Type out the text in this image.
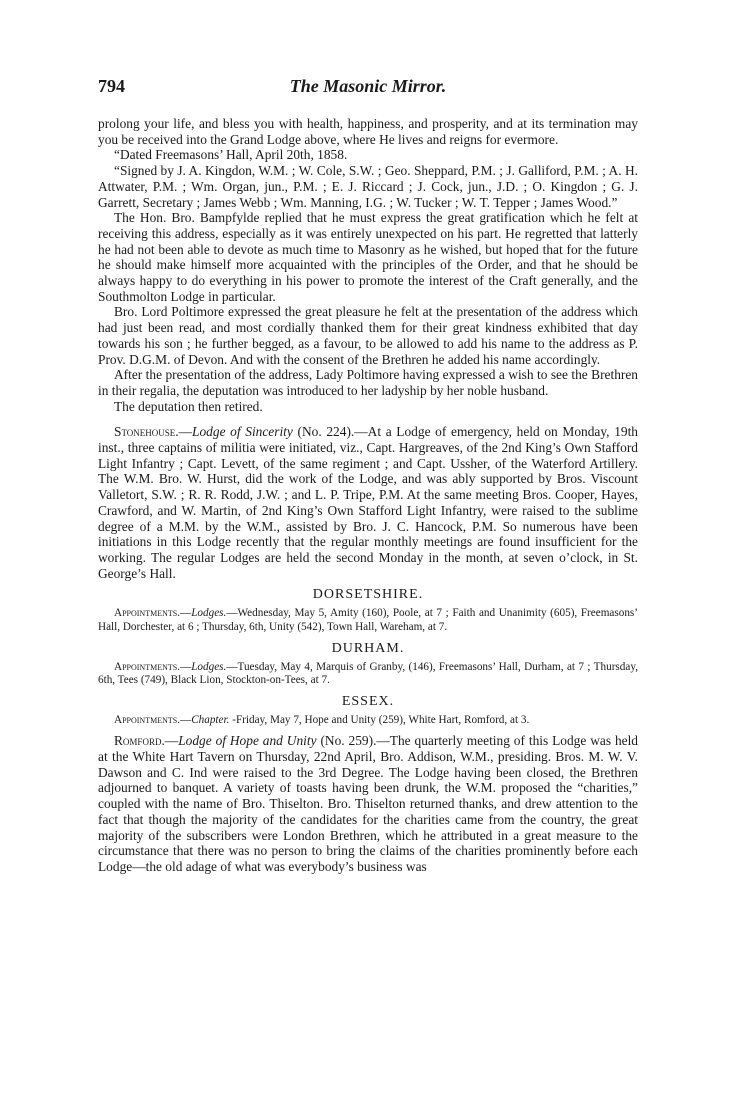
794	The Masonic Mirror.

prolong your life, and bless you with health, happiness, and prosperity, and at its termination may you be received into the Grand Lodge above, where He lives and reigns for evermore.

“Dated Freemasons’ Hall, April 20th, 1858.

“Signed by J. A. Kingdon, W.M. ; W. Cole, S.W. ; Geo. Sheppard, P.M. ; J. Galliford, P.M. ; A. H. Attwater, P.M. ; Wm. Organ, jun., P.M. ; E. J. Riccard ; J. Cock, jun., J.D. ; O. Kingdon ; G. J. Garrett, Secretary ; James Webb ; Wm. Manning, I.G. ; W. Tucker ; W. T. Tepper ; James Wood.”

The Hon. Bro. Bampfylde replied that he must express the great gratification which he felt at receiving this address, especially as it was entirely unexpected on his part. He regretted that latterly he had not been able to devote as much time to Masonry as he wished, but hoped that for the future he should make himself more acquainted with the principles of the Order, and that he should be always happy to do everything in his power to promote the interest of the Craft generally, and the Southmolton Lodge in particular.

Bro. Lord Poltimore expressed the great pleasure he felt at the presentation of the address which had just been read, and most cordially thanked them for their great kindness exhibited that day towards his son ; he further begged, as a favour, to be allowed to add his name to the address as P. Prov. D.G.M. of Devon. And with the consent of the Brethren he added his name accordingly.

After the presentation of the address, Lady Poltimore having expressed a wish to see the Brethren in their regalia, the deputation was introduced to her ladyship by her noble husband.

The deputation then retired.

Stonehouse.—Lodge of Sincerity (No. 224).—At a Lodge of emergency, held on Monday, 19th inst., three captains of militia were initiated, viz., Capt. Hargreaves, of the 2nd King’s Own Stafford Light Infantry ; Capt. Levett, of the same regiment ; and Capt. Ussher, of the Waterford Artillery. The W.M. Bro. W. Hurst, did the work of the Lodge, and was ably supported by Bros. Viscount Valletort, S.W. ; R. R. Rodd, J.W. ; and L. P. Tripe, P.M. At the same meeting Bros. Cooper, Hayes, Crawford, and W. Martin, of 2nd King’s Own Stafford Light Infantry, were raised to the sublime degree of a M.M. by the W.M., assisted by Bro. J. C. Hancock, P.M. So numerous have been initiations in this Lodge recently that the regular monthly meetings are found insufficient for the working. The regular Lodges are held the second Monday in the month, at seven o’clock, in St. George’s Hall.

DORSETSHIRE.

Appointments.—Lodges.—Wednesday, May 5, Amity (160), Poole, at 7 ; Faith and Unanimity (605), Freemasons’ Hall, Dorchester, at 6 ; Thursday, 6th, Unity (542), Town Hall, Wareham, at 7.

DURHAM.

Appointments.—Lodges.—Tuesday, May 4, Marquis of Granby, (146), Freemasons’ Hall, Durham, at 7 ; Thursday, 6th, Tees (749), Black Lion, Stockton-on-Tees, at 7.

ESSEX.

Appointments.—Chapter. -Friday, May 7, Hope and Unity (259), White Hart, Romford, at 3.

Romford.—Lodge of Hope and Unity (No. 259).—The quarterly meeting of this Lodge was held at the White Hart Tavern on Thursday, 22nd April, Bro. Addison, W.M., presiding. Bros. M. W. V. Dawson and C. Ind were raised to the 3rd Degree. The Lodge having been closed, the Brethren adjourned to banquet. A variety of toasts having been drunk, the W.M. proposed the “charities,” coupled with the name of Bro. Thiselton. Bro. Thiselton returned thanks, and drew attention to the fact that though the majority of the candidates for the charities came from the country, the great majority of the subscribers were London Brethren, which he attributed in a great measure to the circumstance that there was no person to bring the claims of the charities prominently before each Lodge—the old adage of what was everybody’s business was
